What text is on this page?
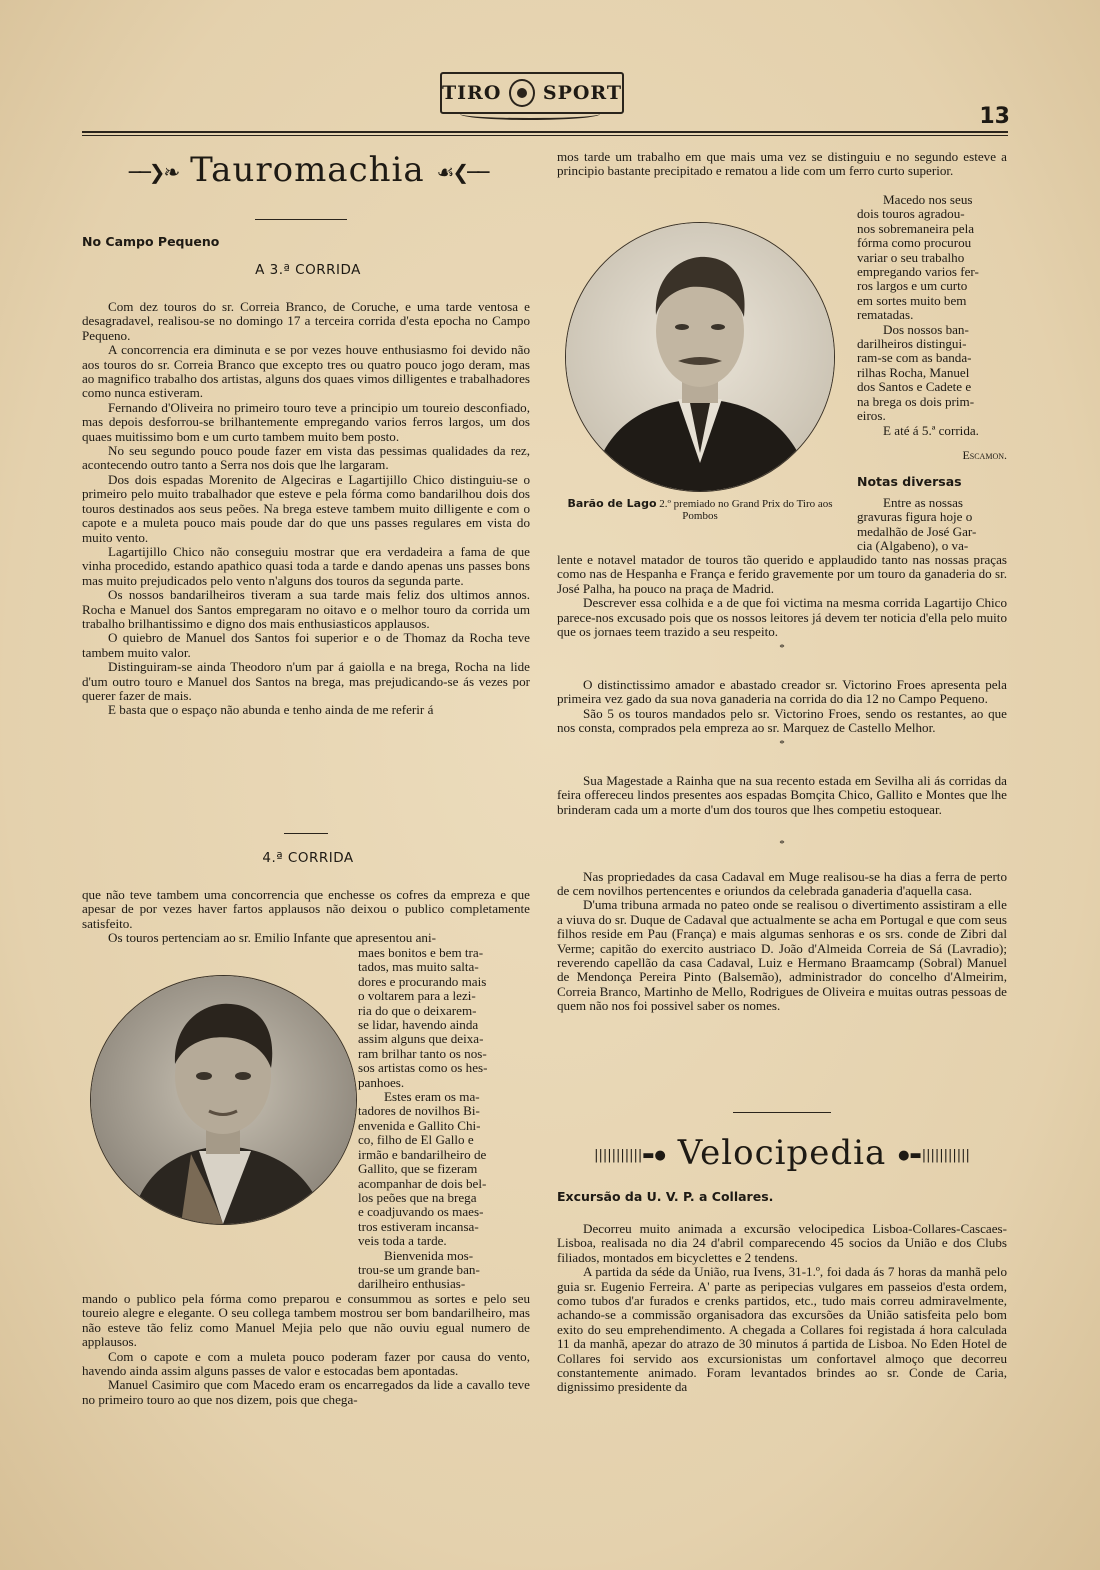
TIRO SPORT
13
──❯❧ Tauromachia ☙❮──
No Campo Pequeno
A 3.ª CORRIDA

Com dez touros do sr. Correia Branco, de Coruche, e uma tarde ventosa e desagradavel, realisou-se no domingo 17 a terceira corrida d'esta epocha no Campo Pequeno.

A concorrencia era diminuta e se por vezes houve enthusiasmo foi devido não aos touros do sr. Correia Branco que excepto tres ou quatro pouco jogo deram, mas ao magnifico trabalho dos artistas, alguns dos quaes vimos dilligentes e trabalhadores como nunca estiveram.

Fernando d'Oliveira no primeiro touro teve a principio um toureio desconfiado, mas depois desforrou-se brilhantemente empregando varios ferros largos, um dos quaes muitissimo bom e um curto tambem muito bem posto.

No seu segundo pouco poude fazer em vista das pessimas qualidades da rez, acontecendo outro tanto a Serra nos dois que lhe largaram.

Dos dois espadas Morenito de Algeciras e Lagartijillo Chico distinguiu-se o primeiro pelo muito trabalhador que esteve e pela fórma como bandarilhou dois dos touros destinados aos seus peões. Na brega esteve tambem muito dilligente e com o capote e a muleta pouco mais poude dar do que uns passes regulares em vista do muito vento.

Lagartijillo Chico não conseguiu mostrar que era verdadeira a fama de que vinha procedido, estando apathico quasi toda a tarde e dando apenas uns passes bons mas muito prejudicados pelo vento n'alguns dos touros da segunda parte.

Os nossos bandarilheiros tiveram a sua tarde mais feliz dos ultimos annos. Rocha e Manuel dos Santos empregaram no oitavo e o melhor touro da corrida um trabalho brilhantissimo e digno dos mais enthusiasticos applausos.

O quiebro de Manuel dos Santos foi superior e o de Thomaz da Rocha teve tambem muito valor.

Distinguiram-se ainda Theodoro n'um par á gaiolla e na brega, Rocha na lide d'um outro touro e Manuel dos Santos na brega, mas prejudicando-se ás vezes por querer fazer de mais.

E basta que o espaço não abunda e tenho ainda de me referir á

4.ª CORRIDA

que não teve tambem uma concorrencia que enchesse os cofres da empreza e que apesar de por vezes haver fartos applausos não deixou o publico completamente satisfeito.

Os touros pertenciam ao sr. Emilio Infante que apresentou ani-

maes bonitos e bem tra-

tados, mas muito salta-

dores e procurando mais

o voltarem para a lezi-

ria do que o deixarem-

se lidar, havendo ainda

assim alguns que deixa-

ram brilhar tanto os nos-

sos artistas como os hes-

panhoes.

Estes eram os ma-

tadores de novilhos Bi-

envenida e Gallito Chi-

co, filho de El Gallo e

irmão e bandarilheiro de

Gallito, que se fizeram

acompanhar de dois bel-

los peões que na brega

e coadjuvando os maes-

tros estiveram incansa-

veis toda a tarde.

Bienvenida mos-

trou-se um grande ban-

darilheiro enthusias-

mando o publico pela fórma como preparou e consummou as sortes e pelo seu toureio alegre e elegante. O seu collega tambem mostrou ser bom bandarilheiro, mas não esteve tão feliz como Manuel Mejia pelo que não ouviu egual numero de applausos.

Com o capote e com a muleta pouco poderam fazer por causa do vento, havendo ainda assim alguns passes de valor e estocadas bem apontadas.

Manuel Casimiro que com Macedo eram os encarregados da lide a cavallo teve no primeiro touro ao que nos dizem, pois que chega-

mos tarde um trabalho em que mais uma vez se distinguiu e no segundo esteve a principio bastante precipitado e rematou a lide com um ferro curto superior.

Barão de Lago 2.º premiado no Grand Prix do Tiro aos Pombos

Macedo nos seus

dois touros agradou-

nos sobremaneira pela

fórma como procurou

variar o seu trabalho

empregando varios fer-

ros largos e um curto

em sortes muito bem

rematadas.

Dos nossos ban-

darilheiros distingui-

ram-se com as banda-

rilhas Rocha, Manuel

dos Santos e Cadete e

na brega os dois prim-

eiros.

E até á 5.ª corrida.

Escamon.
Notas diversas

Entre as nossas

gravuras figura hoje o

medalhão de José Gar-

cia (Algabeno), o va-

lente e notavel matador de touros tão querido e applaudido tanto nas nossas praças como nas de Hespanha e França e ferido gravemente por um touro da ganaderia do sr. José Palha, ha pouco na praça de Madrid.

Descrever essa colhida e a de que foi victima na mesma corrida Lagartijo Chico parece-nos excusado pois que os nossos leitores já devem ter noticia d'ella pelo muito que os jornaes teem trazido a seu respeito.

*

O distinctissimo amador e abastado creador sr. Victorino Froes apresenta pela primeira vez gado da sua nova ganaderia na corrida do dia 12 no Campo Pequeno.

São 5 os touros mandados pelo sr. Victorino Froes, sendo os restantes, ao que nos consta, comprados pela empreza ao sr. Marquez de Castello Melhor.

*

Sua Magestade a Rainha que na sua recento estada em Sevilha ali ás corridas da feira offereceu lindos presentes aos espadas Bomçita Chico, Gallito e Montes que lhe brinderam cada um a morte d'um dos touros que lhes competiu estoquear.

*

Nas propriedades da casa Cadaval em Muge realisou-se ha dias a ferra de perto de cem novilhos pertencentes e oriundos da celebrada ganaderia d'aquella casa.

D'uma tribuna armada no pateo onde se realisou o divertimento assistiram a elle a viuva do sr. Duque de Cadaval que actualmente se acha em Portugal e que com seus filhos reside em Pau (França) e mais algumas senhoras e os srs. conde de Zibri dal Verme; capitão do exercito austriaco D. João d'Almeida Correia de Sá (Lavradio); reverendo capellão da casa Cadaval, Luiz e Hermano Braamcamp (Sobral) Manuel de Mendonça Pereira Pinto (Balsemão), administrador do concelho d'Almeirim, Correia Branco, Martinho de Mello, Rodrigues de Oliveira e muitas outras pessoas de quem não nos foi possivel saber os nomes.

|||||||||||▬● Velocipedia ●▬|||||||||||
Excursão da U. V. P. a Collares.

Decorreu muito animada a excursão velocipedica Lisboa-Collares-Cascaes-Lisboa, realisada no dia 24 d'abril comparecendo 45 socios da União e dos Clubs filiados, montados em bicyclettes e 2 tendens.

A partida da séde da União, rua Ivens, 31-1.º, foi dada ás 7 horas da manhã pelo guia sr. Eugenio Ferreira. A' parte as peripecias vulgares em passeios d'esta ordem, como tubos d'ar furados e crenks partidos, etc., tudo mais correu admiravelmente, achando-se a commissão organisadora das excursões da União satisfeita pelo bom exito do seu emprehendimento. A chegada a Collares foi registada á hora calculada 11 da manhã, apezar do atrazo de 30 minutos á partida de Lisboa. No Eden Hotel de Collares foi servido aos excursionistas um confortavel almoço que decorreu constantemente animado. Foram levantados brindes ao sr. Conde de Caria, dignissimo presidente da
